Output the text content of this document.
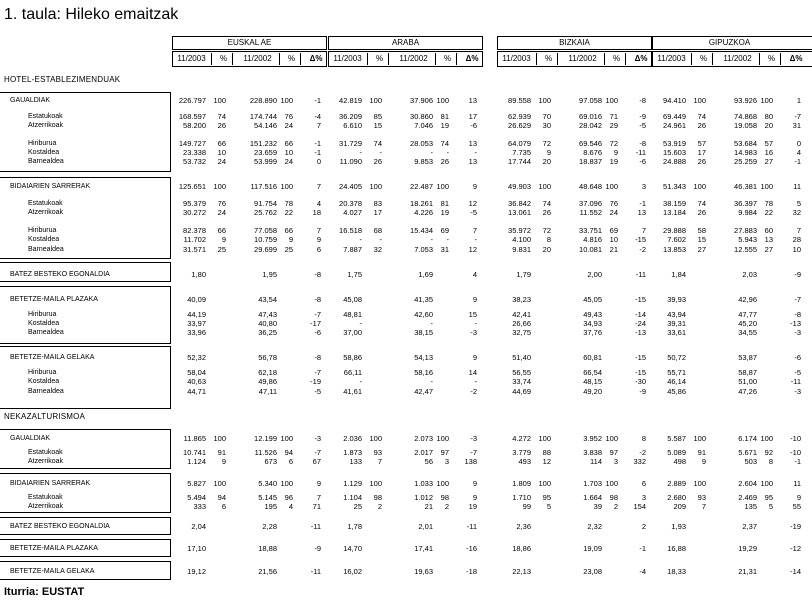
1. taula: Hileko emaitzak
EUSKAL AE	ARABA	BIZKAIA	GIPUZKOA
11/2003	%	11/2002	%	Δ%	11/2003	%	11/2002	%	Δ%	11/2003	%	11/2002	%	Δ%	11/2003	%	11/2002	%	Δ%
HOTEL-ESTABLEZIMENDUAK
NEKAZALTURISMOA
GAUALDIAK	226.797 100	228.890 100	-1	42.819 100	37.906 100	13	89.558 100	97.058 100	-8	94.410 100	93.926 100	1
Estatukoak	168.597	74	174.744	76	-4	36.209	85	30.860	81	17	62.939	70	69.016	71	-9	69.449	74	74.868	80	-7
Atzerrikoak	58.200	26	54.146	24	7	6.610	15	7.046	19	-6	26.629	30	28.042	29	-5	24.961	26	19.058	20	31
Hiriburua	149.727	66	151.232	66	-1	31.729	74	28.053	74	13	64.079	72	69.546	72	-8	53.919	57	53.684	57	0
Kostaldea	23.338	10	23.659	10	-1	-	-	-	-	-	7.735	9	8.676	9	-11	15.603	17	14.983	16	4
Barnealdea	53.732	24	53.999	24	0	11.090	26	9.853	26	13	17.744	20	18.837	19	-6	24.888	26	25.259	27	-1
BIDAIARIEN SARRERAK	125.651 100	117.516 100	7	24.405 100	22.487 100	9	49.903 100	48.648 100	3	51.343 100	46.381 100	11
Estatukoak	95.379	76	91.754	78	4	20.378	83	18.261	81	12	36.842	74	37.096	76	-1	38.159	74	36.397	78	5
Atzerrikoak	30.272	24	25.762	22	18	4.027	17	4.226	19	-5	13.061	26	11.552	24	13	13.184	26	9.984	22	32
Hiriburua	82.378	66	77.058	66	7	16.518	68	15.434	69	7	35.972	72	33.751	69	7	29.888	58	27.883	60	7
Kostaldea	11.702	9	10.759	9	9	-	-	-	-	-	4.100	8	4.816	10	-15	7.602	15	5.943	13	28
Barnealdea	31.571	25	29.699	25	6	7.887	32	7.053	31	12	9.831	20	10.081	21	-2	13.853	27	12.555	27	10
BATEZ BESTEKO EGONALDIA	1,80	1,95	-8	1,75	1,69	4	1,79	2,00	-11	1,84	2,03	-9
BETETZE-MAILA PLAZAKA	40,09	43,54	-8	45,08	41,35	9	38,23	45,05	-15	39,93	42,96	-7
Hiriburua	44,19	47,43	-7	48,81	42,60	15	42,41	49,43	-14	43,94	47,77	-8
Kostaldea	33,97	40,80	-17	-	-	-	26,66	34,93	-24	39,31	45,20	-13
Barnealdea	33,96	36,25	-6	37,00	38,15	-3	32,75	37,76	-13	33,61	34,55	-3
BETETZE-MAILA GELAKA	52,32	56,78	-8	58,86	54,13	9	51,40	60,81	-15	50,72	53,87	-6
Hiriburua	58,04	62,18	-7	66,11	58,16	14	56,55	66,54	-15	55,71	58,87	-5
Kostaldea	40,63	49,86	-19	-	-	-	33,74	48,15	-30	46,14	51,00	-11
Barnealdea	44,71	47,11	-5	41,61	42,47	-2	44,69	49,20	-9	45,86	47,26	-3
GAUALDIAK	11.865 100	12.199 100	-3	2.036 100	2.073 100	-3	4.272 100	3.952 100	8	5.587 100	6.174 100	-10
Estatukoak	10.741	91	11.526	94	-7	1.873	93	2.017	97	-7	3.779	88	3.838	97	-2	5.089	91	5.671	92	-10
Atzerrikoak	1.124	9	673	6	67	133	7	56	3	138	493	12	114	3	332	498	9	503	8	-1
BIDAIARIEN SARRERAK	5.827 100	5.340 100	9	1.129 100	1.033 100	9	1.809 100	1.703 100	6	2.889 100	2.604 100	11
Estatukoak	5.494	94	5.145	96	7	1.104	98	1.012	98	9	1.710	95	1.664	98	3	2.680	93	2.469	95	9
Atzerrikoak	333	6	195	4	71	25	2	21	2	19	99	5	39	2	154	209	7	135	5	55
BATEZ BESTEKO EGONALDIA	2,04	2,28	-11	1,78	2,01	-11	2,36	2,32	2	1,93	2,37	-19
BETETZE-MAILA PLAZAKA	17,10	18,88	-9	14,70	17,41	-16	18,86	19,09	-1	16,88	19,29	-12
BETETZE-MAILA GELAKA	19,12	21,56	-11	16,02	19,63	-18	22,13	23,08	-4	18,33	21,31	-14
Iturria: EUSTAT
